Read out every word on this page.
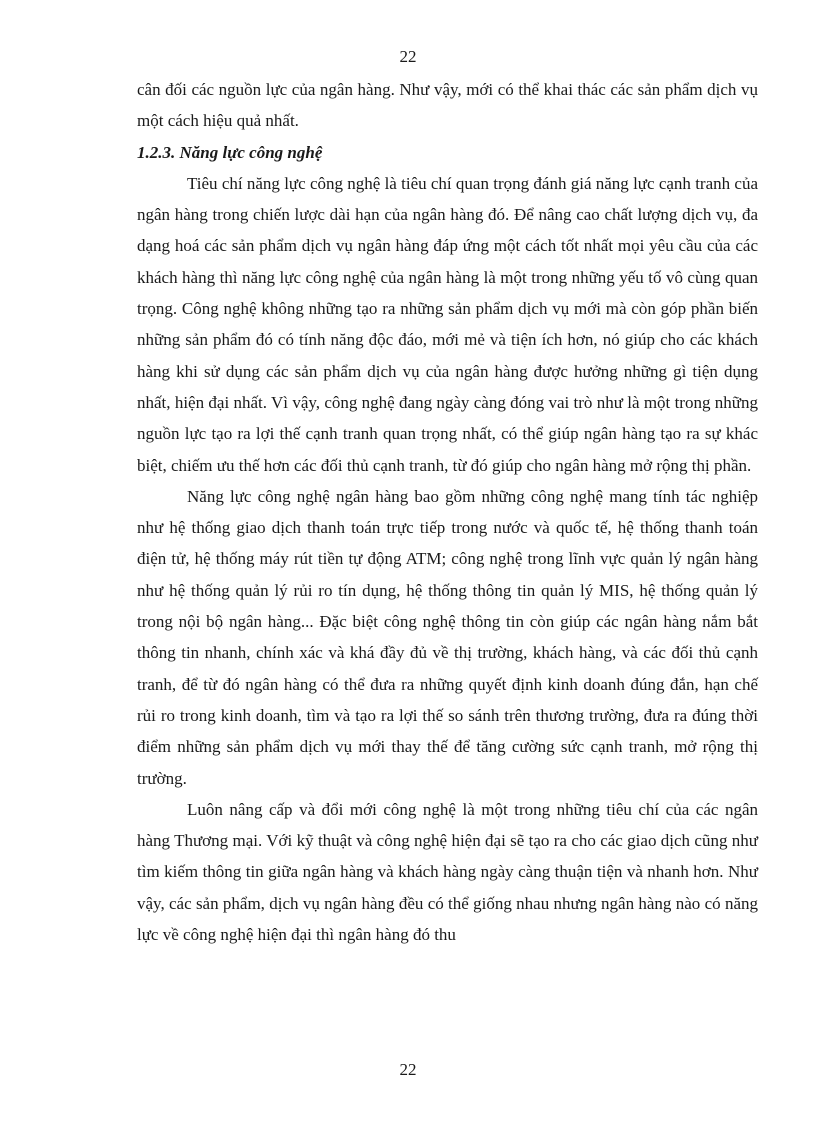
22

cân đối các nguồn lực của ngân hàng. Như vậy, mới có thể khai thác các sản phẩm dịch vụ một cách hiệu quả nhất.

1.2.3. Năng lực công nghệ

Tiêu chí năng lực công nghệ là tiêu chí quan trọng đánh giá năng lực cạnh tranh của ngân hàng trong chiến lược dài hạn của ngân hàng đó. Để nâng cao chất lượng dịch vụ, đa dạng hoá các sản phẩm dịch vụ ngân hàng đáp ứng một cách tốt nhất mọi yêu cầu của các khách hàng thì năng lực công nghệ của ngân hàng là một trong những yếu tố vô cùng quan trọng. Công nghệ không những tạo ra những sản phẩm dịch vụ mới mà còn góp phần biến những sản phẩm đó có tính năng độc đáo, mới mẻ và tiện ích hơn, nó giúp cho các khách hàng khi sử dụng các sản phẩm dịch vụ của ngân hàng được hưởng những gì tiện dụng nhất, hiện đại nhất. Vì vậy, công nghệ đang ngày càng đóng vai trò như là một trong những nguồn lực tạo ra lợi thế cạnh tranh quan trọng nhất, có thể giúp ngân hàng tạo ra sự khác biệt, chiếm ưu thế hơn các đối thủ cạnh tranh, từ đó giúp cho ngân hàng mở rộng thị phần.

Năng lực công nghệ ngân hàng bao gồm những công nghệ mang tính tác nghiệp như hệ thống giao dịch thanh toán trực tiếp trong nước và quốc tế, hệ thống thanh toán điện tử, hệ thống máy rút tiền tự động ATM; công nghệ trong lĩnh vực quản lý ngân hàng như hệ thống quản lý rủi ro tín dụng, hệ thống thông tin quản lý MIS, hệ thống quản lý trong nội bộ ngân hàng... Đặc biệt công nghệ thông tin còn giúp các ngân hàng nắm bắt thông tin nhanh, chính xác và khá đầy đủ về thị trường, khách hàng, và các đối thủ cạnh tranh, để từ đó ngân hàng có thể đưa ra những quyết định kinh doanh đúng đắn, hạn chế rủi ro trong kinh doanh, tìm và tạo ra lợi thế so sánh trên thương trường, đưa ra đúng thời điểm những sản phẩm dịch vụ mới thay thế để tăng cường sức cạnh tranh, mở rộng thị trường.

Luôn nâng cấp và đổi mới công nghệ là một trong những tiêu chí của các ngân hàng Thương mại. Với kỹ thuật và công nghệ hiện đại sẽ tạo ra cho các giao dịch cũng như tìm kiếm thông tin giữa ngân hàng và khách hàng ngày càng thuận tiện và nhanh hơn. Như vậy, các sản phẩm, dịch vụ ngân hàng đều có thể giống nhau nhưng ngân hàng nào có năng lực về công nghệ hiện đại thì ngân hàng đó thu

22
